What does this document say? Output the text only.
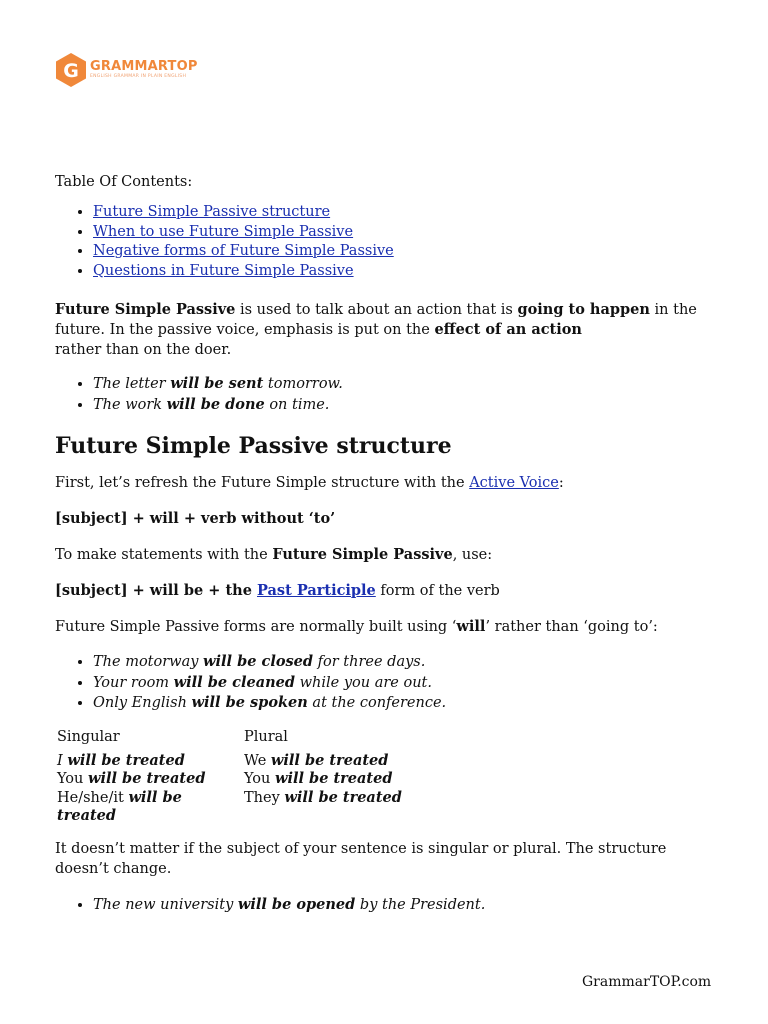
G GRAMMARTOP
ENGLISH GRAMMAR IN PLAIN ENGLISH

Table Of Contents:

• Future Simple Passive structure
• When to use Future Simple Passive
• Negative forms of Future Simple Passive
• Questions in Future Simple Passive

Future Simple Passive is used to talk about an action that is going to happen in the future. In the passive voice, emphasis is put on the effect of an action
rather than on the doer.

• The letter will be sent tomorrow.
• The work will be done on time.
Future Simple Passive structure

First, let’s refresh the Future Simple structure with the Active Voice:

[subject] + will + verb without ‘to’

To make statements with the Future Simple Passive, use:

[subject] + will be + the Past Participle form of the verb

Future Simple Passive forms are normally built using ‘will’ rather than ‘going to’:

• The motorway will be closed for three days.
• Your room will be cleaned while you are out.
• Only English will be spoken at the conference.
Singular	Plural
I will be treated	We will be treated
You will be treated	You will be treated
He/she/it will be treated	They will be treated

It doesn’t matter if the subject of your sentence is singular or plural. The structure doesn’t change.

• The new university will be opened by the President.
GrammarTOP.com
